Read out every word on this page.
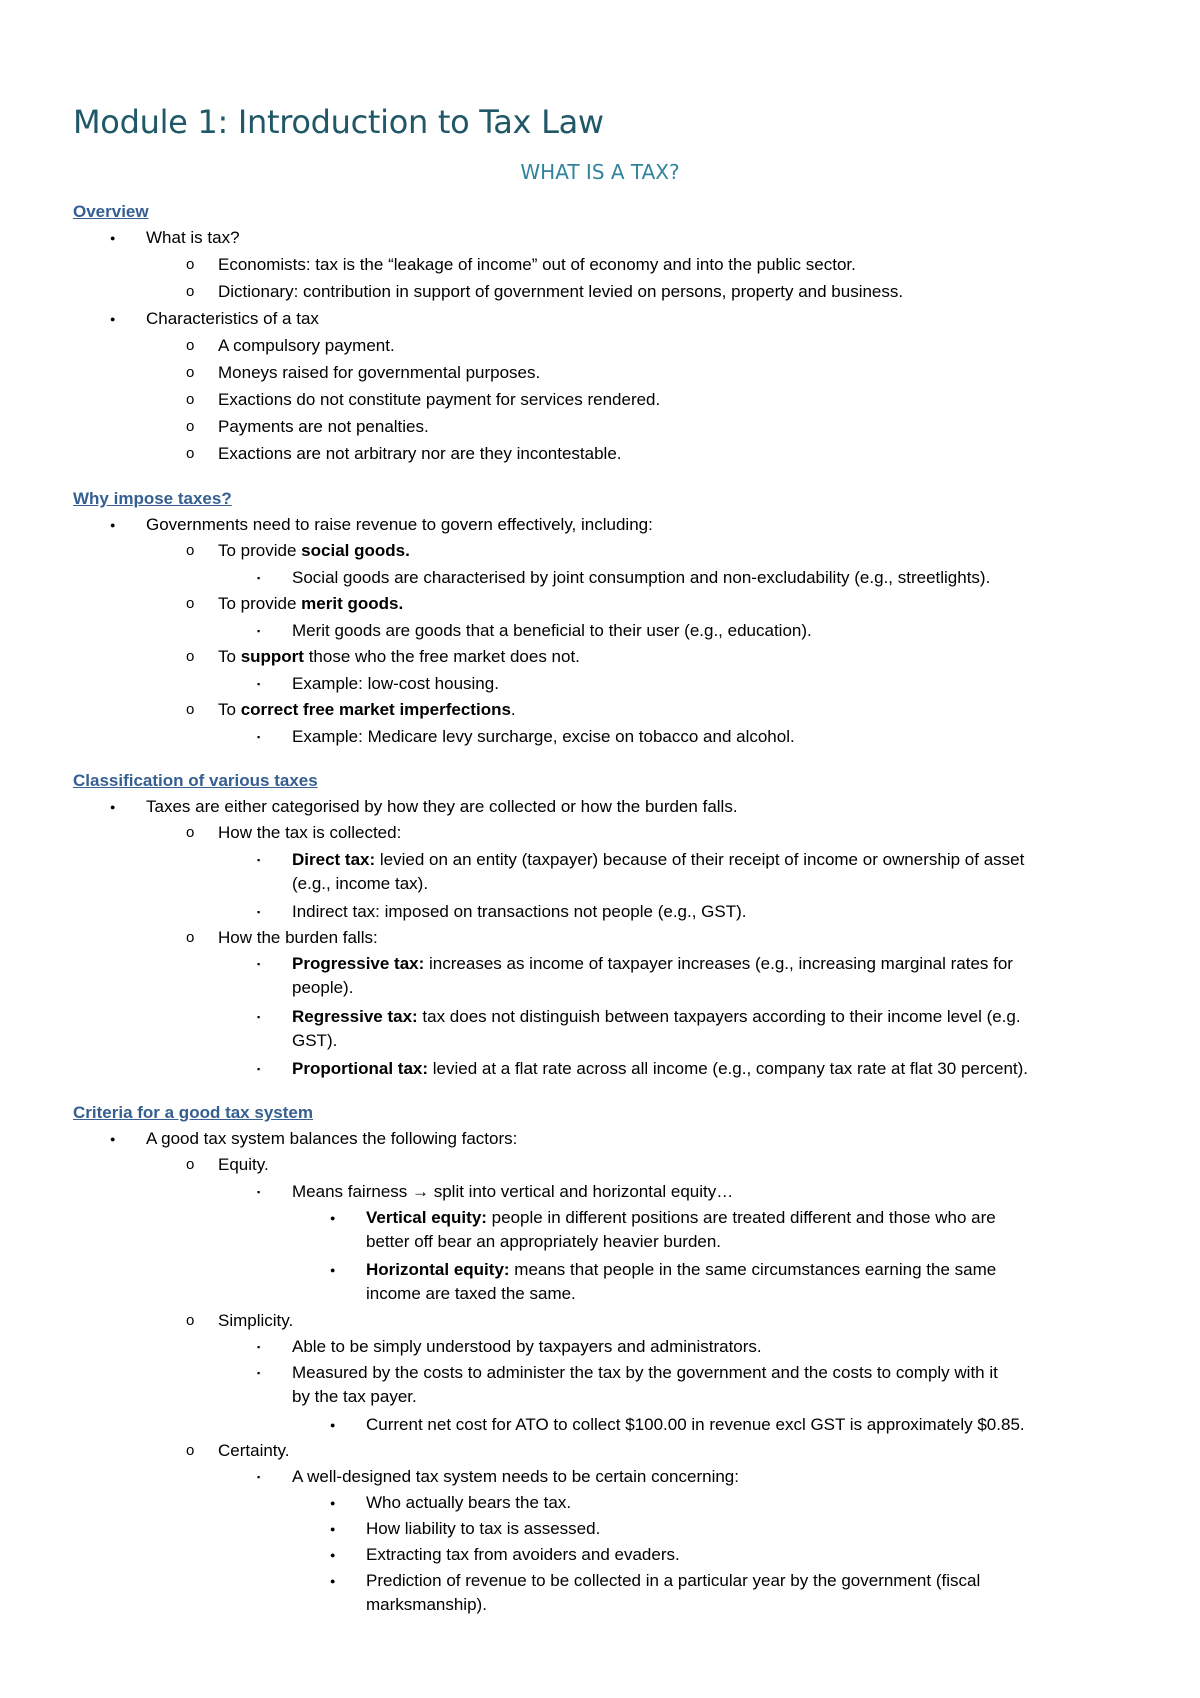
Module 1: Introduction to Tax Law
WHAT IS A TAX?
Overview
● What is tax?
o Economists: tax is the “leakage of income” out of economy and into the public sector.
o Dictionary: contribution in support of government levied on persons, property and business.
● Characteristics of a tax
o A compulsory payment.
o Moneys raised for governmental purposes.
o Exactions do not constitute payment for services rendered.
o Payments are not penalties.
o Exactions are not arbitrary nor are they incontestable.
Why impose taxes?
● Governments need to raise revenue to govern effectively, including:
o To provide social goods.
▪ Social goods are characterised by joint consumption and non-excludability (e.g., streetlights).
o To provide merit goods.
▪ Merit goods are goods that a beneficial to their user (e.g., education).
o To support those who the free market does not.
▪ Example: low-cost housing.
o To correct free market imperfections.
▪ Example: Medicare levy surcharge, excise on tobacco and alcohol.
Classification of various taxes
● Taxes are either categorised by how they are collected or how the burden falls.
o How the tax is collected:
▪ Direct tax: levied on an entity (taxpayer) because of their receipt of income or ownership of asset
(e.g., income tax).
▪ Indirect tax: imposed on transactions not people (e.g., GST).
o How the burden falls:
▪ Progressive tax: increases as income of taxpayer increases (e.g., increasing marginal rates for
people).
▪ Regressive tax: tax does not distinguish between taxpayers according to their income level (e.g.
GST).
▪ Proportional tax: levied at a flat rate across all income (e.g., company tax rate at flat 30 percent).
Criteria for a good tax system
● A good tax system balances the following factors:
o Equity.
▪ Means fairness → split into vertical and horizontal equity…
● Vertical equity: people in different positions are treated different and those who are
better off bear an appropriately heavier burden.
● Horizontal equity: means that people in the same circumstances earning the same
income are taxed the same.
o Simplicity.
▪ Able to be simply understood by taxpayers and administrators.
▪ Measured by the costs to administer the tax by the government and the costs to comply with it
by the tax payer.
● Current net cost for ATO to collect $100.00 in revenue excl GST is approximately $0.85.
o Certainty.
▪ A well-designed tax system needs to be certain concerning:
● Who actually bears the tax.
● How liability to tax is assessed.
● Extracting tax from avoiders and evaders.
● Prediction of revenue to be collected in a particular year by the government (fiscal
marksmanship).
